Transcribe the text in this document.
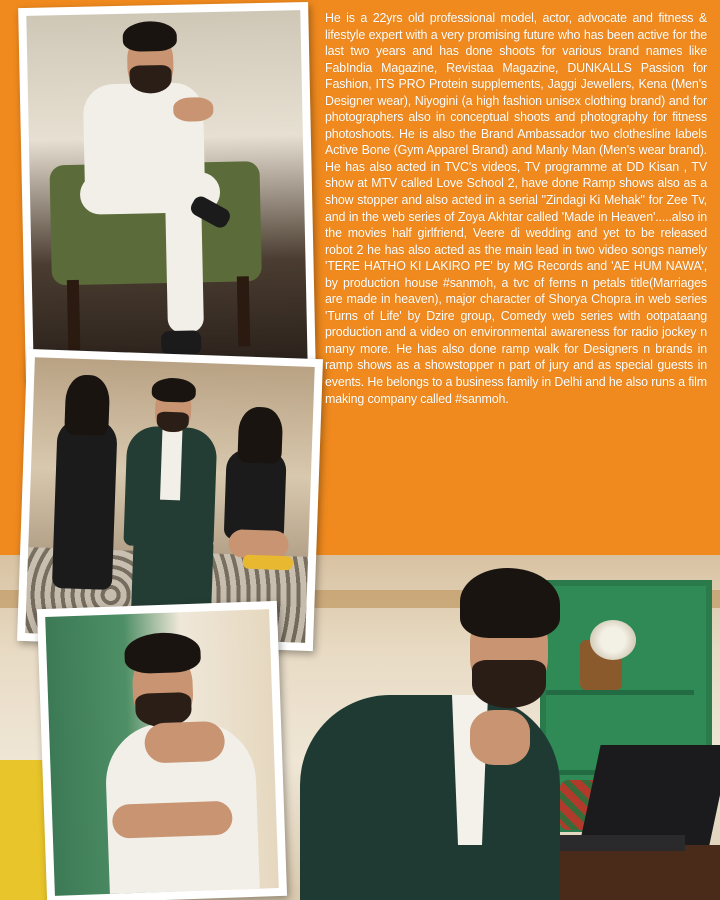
He is a 22yrs old professional model, actor, advocate and fitness & lifestyle expert with a very promising future who has been active for the last two years and has done shoots for various brand names like FabIndia Magazine, Revistaa Magazine, DUNKALLS Passion for Fashion, ITS PRO Protein supplements, Jaggi Jewellers, Kena (Men's Designer wear), Niyogini (a high fashion unisex clothing brand) and for photographers also in conceptual shoots and photography for fitness photoshoots. He is also the Brand Ambassador two clothesline labels Active Bone (Gym Apparel Brand) and Manly Man (Men's wear brand). He has also acted in TVC's videos, TV programme at DD Kisan , TV show at MTV called Love School 2, have done Ramp shows also as a show stopper and also acted in a serial "Zindagi Ki Mehak" for Zee Tv, and in the web series of Zoya Akhtar called 'Made in Heaven'.....also in the movies half girlfriend, Veere di wedding and yet to be released robot 2 he has also acted as the main lead in two video songs namely 'TERE HATHO KI LAKIRO PE' by MG Records and 'AE HUM NAWA', by production house #sanmoh, a tvc of ferns n petals title(Marriages are made in heaven), major character of Shorya Chopra in web series 'Turns of Life' by Dzire group, Comedy web series with ootpataang production and a video on environmental awareness for radio jockey n many more. He has also done ramp walk for Designers n brands in ramp shows as a showstopper n part of jury and as special guests in events. He belongs to a business family in Delhi and he also runs a film making company called #sanmoh.
